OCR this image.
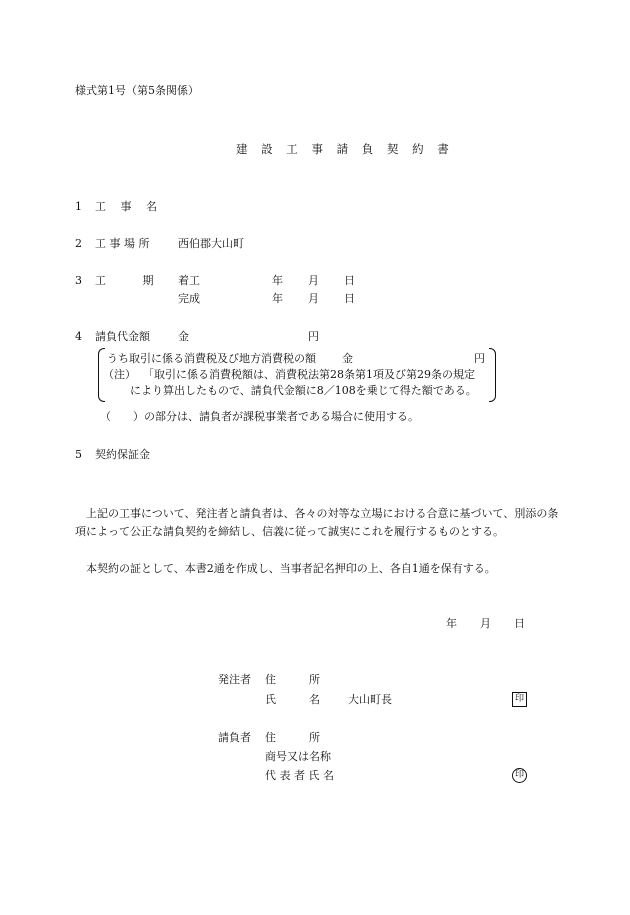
様式第1号（第5条関係）
建 設 工 事 請 負 契 約 書
1 工　 事　 名
2 工 事 場 所	西伯郡大山町
3 工　　　 期 着工	年 月 日
完成	年 月 日
4 請負代金額	金	円
うち取引に係る消費税及び地方消費税の額 金	円
（注） 「取引に係る消費税額は、消費税法第28条第1項及び第29条の規定
により算出したもので、請負代金額に8／108を乗じて得た額である。
（　　）の部分は、請負者が課税事業者である場合に使用する。
5 契約保証金
上記の工事について、発注者と請負者は、各々の対等な立場における合意に基づいて、別添の条項によって公正な請負契約を締結し、信義に従って誠実にこれを履行するものとする。
本契約の証として、本書2通を作成し、当事者記名押印の上、各自1通を保有する。
年 月 日
発注者 住　　　所
氏　　　名	大山町長	印
請負者 住　　　所
商号又は名称
代 表 者 氏 名	印
